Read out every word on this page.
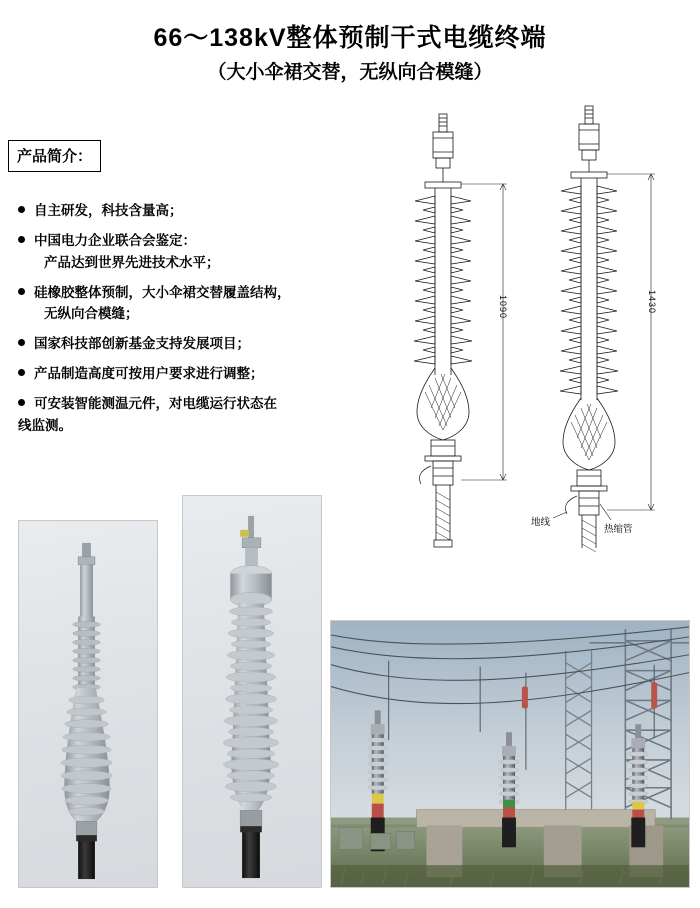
66～138kV整体预制干式电缆终端
（大小伞裙交替，无纵向合模缝）
产品简介：
自主研发，科技含量高；
中国电力企业联合会鉴定：
产品达到世界先进技术水平；
硅橡胶整体预制，大小伞裙交替履盖结构，
无纵向合模缝；
国家科技部创新基金支持发展项目；
产品制造高度可按用户要求进行调整；
可安装智能测温元件，对电缆运行状态在
线监测。
1090	1430
地线
热缩管
